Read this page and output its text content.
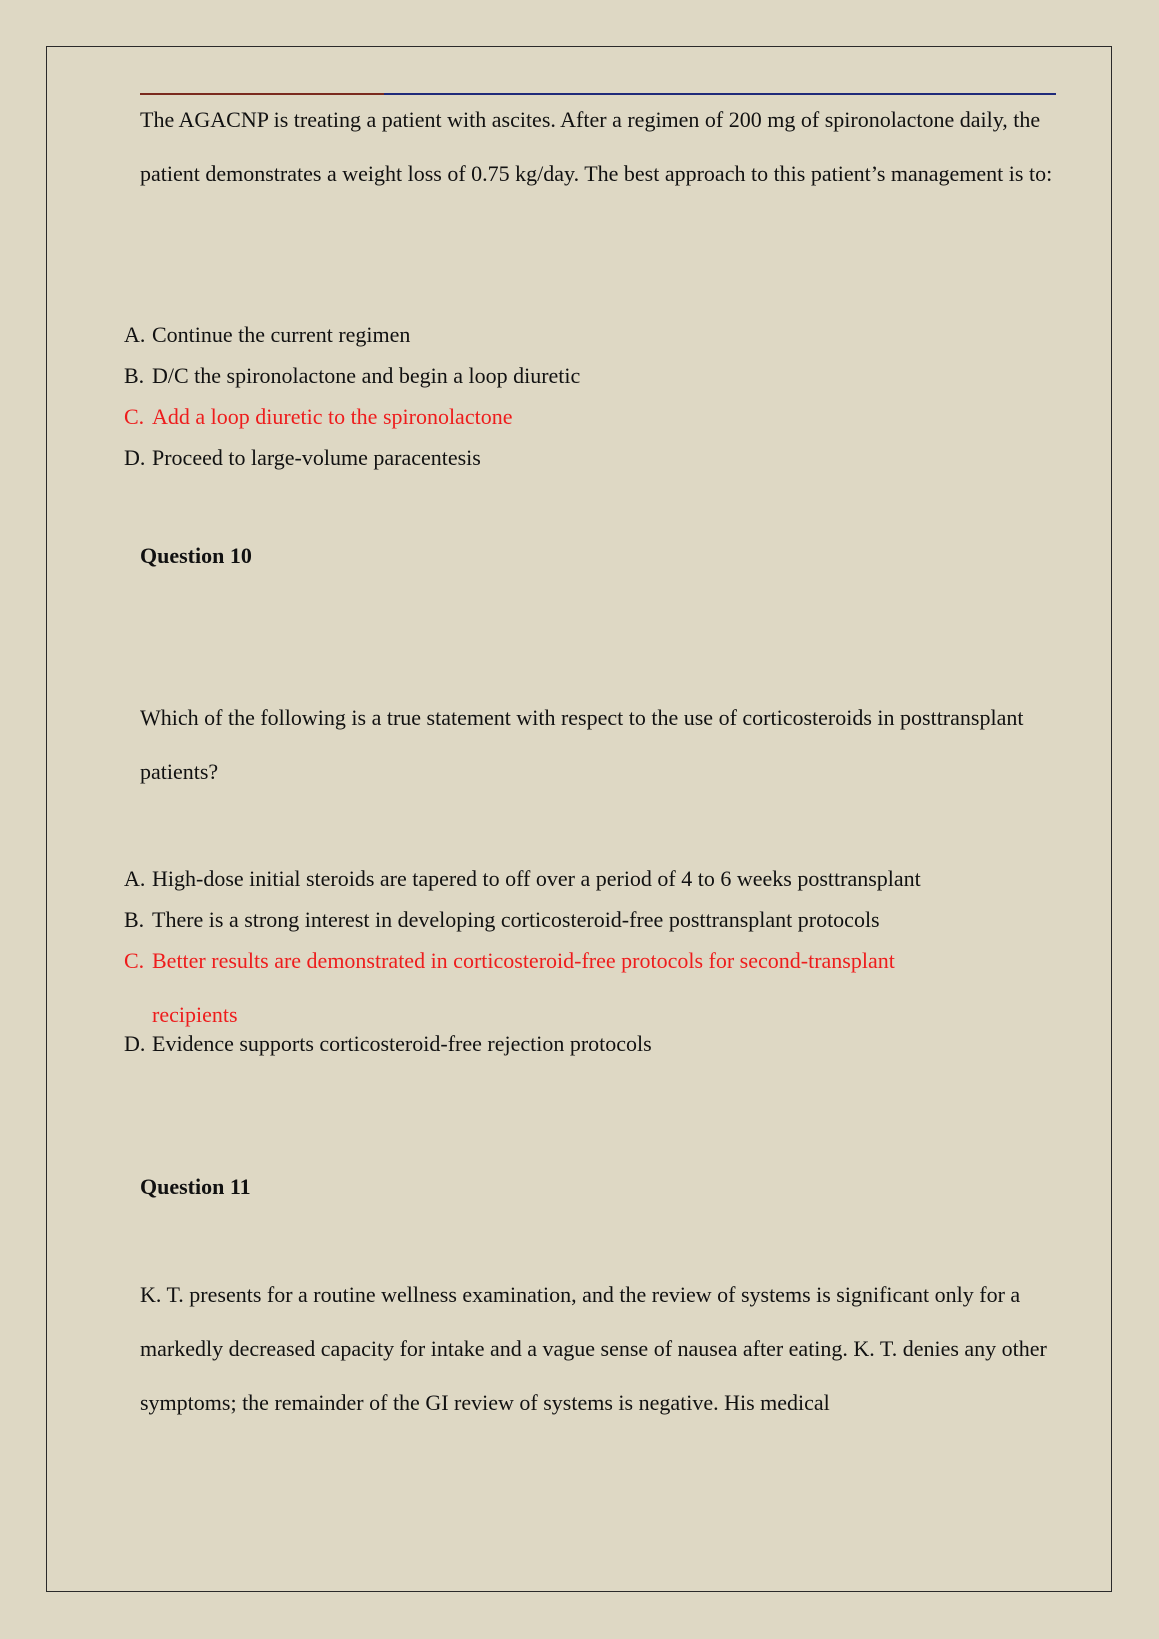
The AGACNP is treating a patient with ascites. After a regimen of 200 mg of spironolactone daily, the patient demonstrates a weight loss of 0.75 kg/day. The best approach to this patient’s management is to:

A. Continue the current regimen
B. D/C the spironolactone and begin a loop diuretic
C. Add a loop diuretic to the spironolactone
D. Proceed to large-volume paracentesis
Question 10

Which of the following is a true statement with respect to the use of corticosteroids in posttransplant patients?

A. High-dose initial steroids are tapered to off over a period of 4 to 6 weeks posttransplant
B. There is a strong interest in developing corticosteroid-free posttransplant protocols
C. Better results are demonstrated in corticosteroid-free protocols for second-transplant recipients
D. Evidence supports corticosteroid-free rejection protocols
Question 11

K. T. presents for a routine wellness examination, and the review of systems is significant only for a markedly decreased capacity for intake and a vague sense of nausea after eating. K. T. denies any other symptoms; the remainder of the GI review of systems is negative. His medical
